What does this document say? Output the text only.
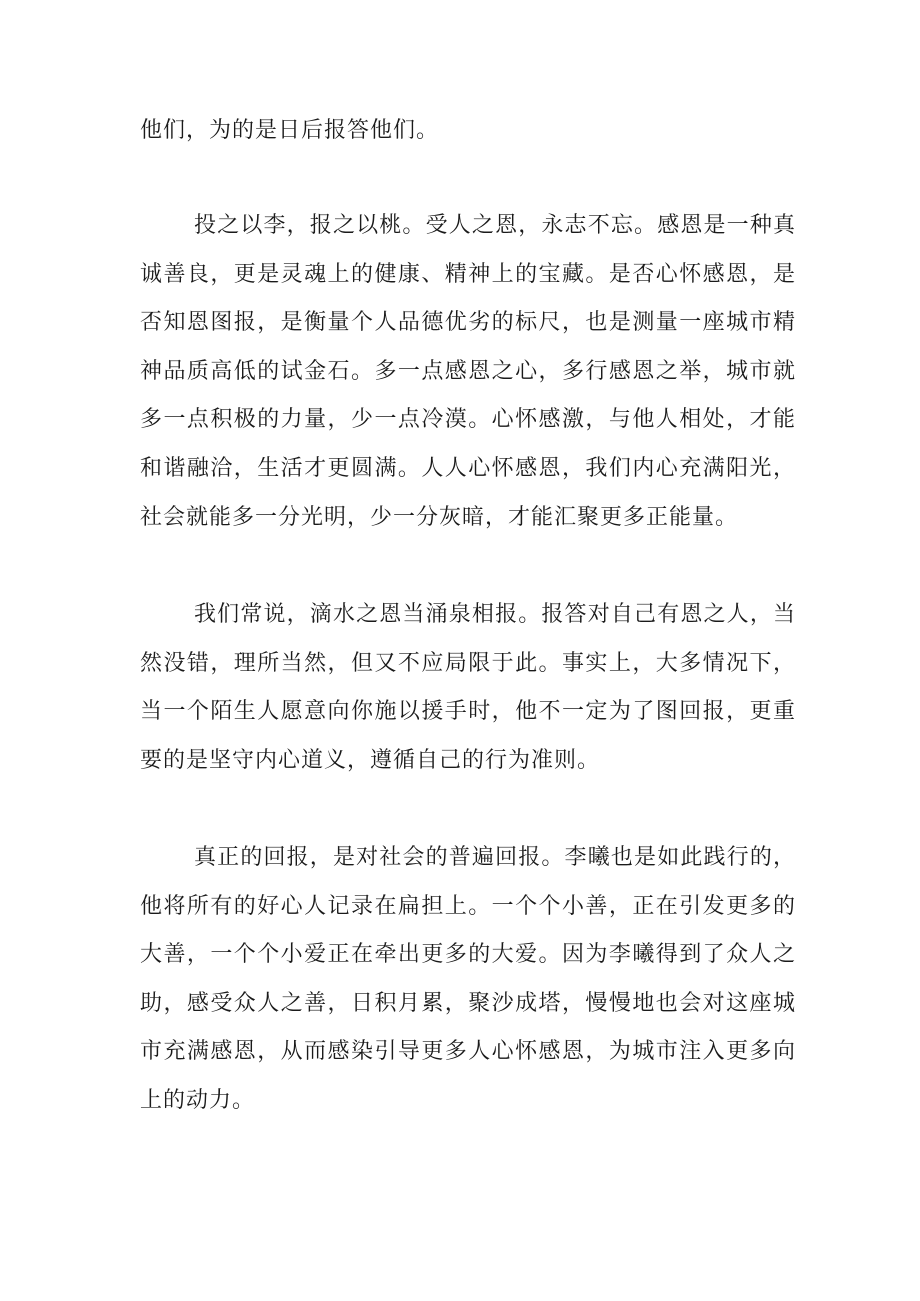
他们，为的是日后报答他们。

投之以李，报之以桃。受人之恩，永志不忘。感恩是一种真诚善良，更是灵魂上的健康、精神上的宝藏。是否心怀感恩，是否知恩图报，是衡量个人品德优劣的标尺，也是测量一座城市精神品质高低的试金石。多一点感恩之心，多行感恩之举，城市就多一点积极的力量，少一点冷漠。心怀感激，与他人相处，才能和谐融洽，生活才更圆满。人人心怀感恩，我们内心充满阳光，社会就能多一分光明，少一分灰暗，才能汇聚更多正能量。

我们常说，滴水之恩当涌泉相报。报答对自己有恩之人，当然没错，理所当然，但又不应局限于此。事实上，大多情况下，当一个陌生人愿意向你施以援手时，他不一定为了图回报，更重要的是坚守内心道义，遵循自己的行为准则。

真正的回报，是对社会的普遍回报。李曦也是如此践行的，他将所有的好心人记录在扁担上。一个个小善，正在引发更多的大善，一个个小爱正在牵出更多的大爱。因为李曦得到了众人之助，感受众人之善，日积月累，聚沙成塔，慢慢地也会对这座城市充满感恩，从而感染引导更多人心怀感恩，为城市注入更多向上的动力。
